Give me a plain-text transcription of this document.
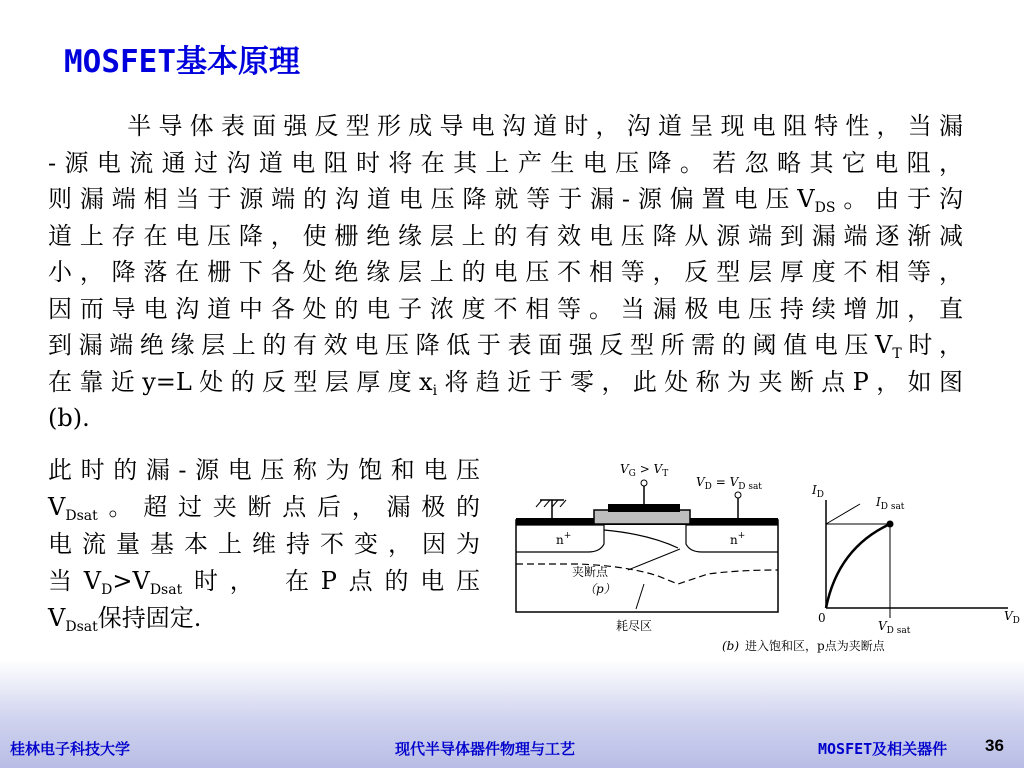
MOSFET基本原理
半导体表面强反型形成导电沟道时，沟道呈现电阻特性，当漏
-源电流通过沟道电阻时将在其上产生电压降。若忽略其它电阻，
则漏端相当于源端的沟道电压降就等于漏-源偏置电压$V_{DS}$。由于沟
道上存在电压降，使栅绝缘层上的有效电压降从源端到漏端逐渐减
小，降落在栅下各处绝缘层上的电压不相等，反型层厚度不相等，
因而导电沟道中各处的电子浓度不相等。当漏极电压持续增加，直
到漏端绝缘层上的有效电压降低于表面强反型所需的阈值电压$V_T$时，
在靠近y=L处的反型层厚度$x_i$将趋近于零，此处称为夹断点P，如图
(b).
此时的漏-源电压称为饱和电压
$V_{Dsat}$。超过夹断点后，漏极的
电流量基本上维持不变，因为
当$V_D>V_{Dsat}$时， 在P点的电压
$V_{Dsat}$保持固定.
$V_G > V_T$
$V_D = V_{D sat}$
n+	n+
夹断点
（p）
耗尽区
$I_D$	$I_{D sat}$
0
$V_{D sat}$
$V_D$
(b) 进入饱和区，p点为夹断点
桂林电子科技大学	现代半导体器件物理与工艺	MOSFET及相关器件 36
